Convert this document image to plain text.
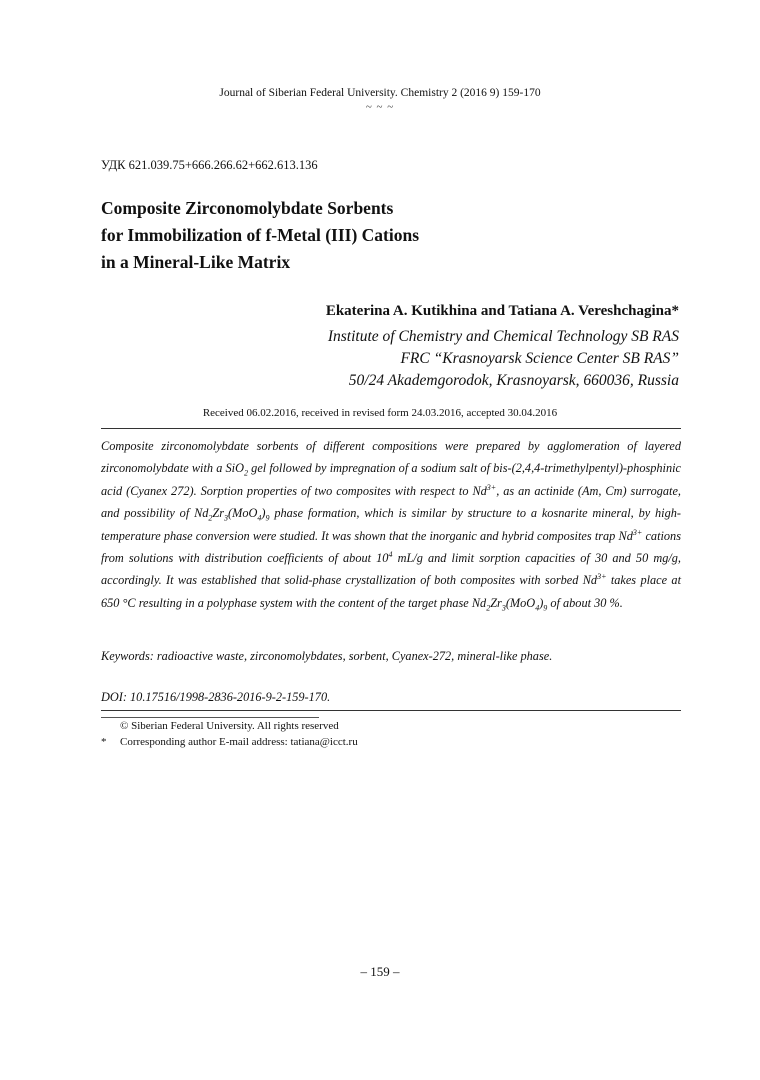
Journal of Siberian Federal University. Chemistry 2 (2016 9) 159-170
~ ~ ~
УДК 621.039.75+666.266.62+662.613.136
Composite Zirconomolybdate Sorbents
for Immobilization of f-Metal (III) Cations
in a Mineral-Like Matrix
Ekaterina A. Kutikhina and Tatiana A. Vereshchagina*
Institute of Chemistry and Chemical Technology SB RAS
FRC “Krasnoyarsk Science Center SB RAS”
50/24 Akademgorodok, Krasnoyarsk, 660036, Russia
Received 06.02.2016, received in revised form 24.03.2016, accepted 30.04.2016
Composite zirconomolybdate sorbents of different compositions were prepared by agglomeration of layered zirconomolybdate with a SiO$_2$ gel followed by impregnation of a sodium salt of bis-(2,4,4-trimethylpentyl)-phosphinic acid (Cyanex 272). Sorption properties of two composites with respect to $Nd^{3+}$, as an actinide (Am, Cm) surrogate, and possibility of $Nd_2Zr_3(MoO_4)_9$ phase formation, which is similar by structure to a kosnarite mineral, by high-temperature phase conversion were studied. It was shown that the inorganic and hybrid composites trap $Nd^{3+}$ cations from solutions with distribution coefficients of about $10^4$ mL/g and limit sorption capacities of 30 and 50 mg/g, accordingly. It was established that solid-phase crystallization of both composites with sorbed $Nd^{3+}$ takes place at 650 °C resulting in a polyphase system with the content of the target phase $Nd_2Zr_3(MoO_4)_9$ of about 30 %.
Keywords: radioactive waste, zirconomolybdates, sorbent, Cyanex-272, mineral-like phase.
DOI: 10.17516/1998-2836-2016-9-2-159-170.
© Siberian Federal University. All rights reserved
* Corresponding author E-mail address: tatiana@icct.ru
– 159 –
